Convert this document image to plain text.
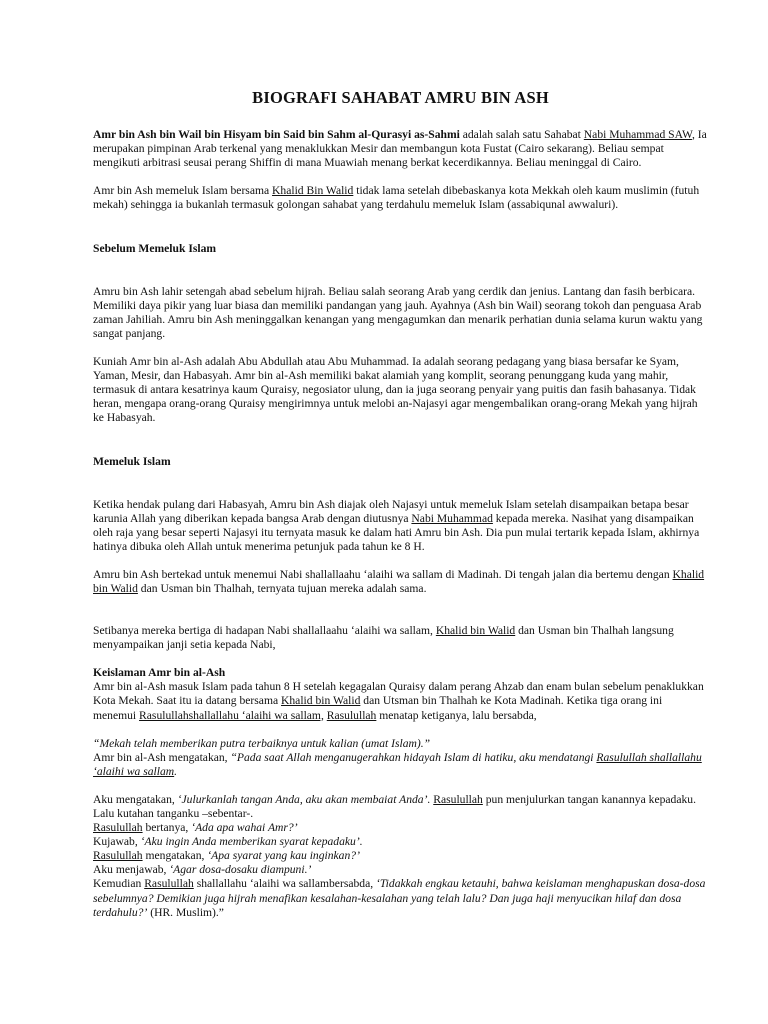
BIOGRAFI SAHABAT AMRU BIN ASH

Amr bin Ash bin Wail bin Hisyam bin Said bin Sahm al-Qurasyi as-Sahmi adalah salah satu Sahabat Nabi Muhammad SAW, Ia merupakan pimpinan Arab terkenal yang menaklukkan Mesir dan membangun kota Fustat (Cairo sekarang). Beliau sempat mengikuti arbitrasi seusai perang Shiffin di mana Muawiah menang berkat kecerdikannya. Beliau meninggal di Cairo.

Amr bin Ash memeluk Islam bersama Khalid Bin Walid tidak lama setelah dibebaskanya kota Mekkah oleh kaum muslimin (futuh mekah) sehingga ia bukanlah termasuk golongan sahabat yang terdahulu memeluk Islam (assabiqunal awwaluri).

Sebelum Memeluk Islam

Amru bin Ash lahir setengah abad sebelum hijrah. Beliau salah seorang Arab yang cerdik dan jenius. Lantang dan fasih berbicara. Memiliki daya pikir yang luar biasa dan memiliki pandangan yang jauh. Ayahnya (Ash bin Wail) seorang tokoh dan penguasa Arab zaman Jahiliah. Amru bin Ash meninggalkan kenangan yang mengagumkan dan menarik perhatian dunia selama kurun waktu yang sangat panjang.

Kuniah Amr bin al-Ash adalah Abu Abdullah atau Abu Muhammad. Ia adalah seorang pedagang yang biasa bersafar ke Syam, Yaman, Mesir, dan Habasyah. Amr bin al-Ash memiliki bakat alamiah yang komplit, seorang penunggang kuda yang mahir, termasuk di antara kesatrinya kaum Quraisy, negosiator ulung, dan ia juga seorang penyair yang puitis dan fasih bahasanya. Tidak heran, mengapa orang-orang Quraisy mengirimnya untuk melobi an-Najasyi agar mengembalikan orang-orang Mekah yang hijrah ke Habasyah.

Memeluk Islam

Ketika hendak pulang dari Habasyah, Amru bin Ash diajak oleh Najasyi untuk memeluk Islam setelah disampaikan betapa besar karunia Allah yang diberikan kepada bangsa Arab dengan diutusnya Nabi Muhammad kepada mereka. Nasihat yang disampaikan oleh raja yang besar seperti Najasyi itu ternyata masuk ke dalam hati Amru bin Ash. Dia pun mulai tertarik kepada Islam, akhirnya hatinya dibuka oleh Allah untuk menerima petunjuk pada tahun ke 8 H.

Amru bin Ash bertekad untuk menemui Nabi shallallaahu ‘alaihi wa sallam di Madinah. Di tengah jalan dia bertemu dengan Khalid bin Walid dan Usman bin Thalhah, ternyata tujuan mereka adalah sama.

Setibanya mereka bertiga di hadapan Nabi shallallaahu ‘alaihi wa sallam, Khalid bin Walid dan Usman bin Thalhah langsung menyampaikan janji setia kepada Nabi,

Keislaman Amr bin al-Ash

Amr bin al-Ash masuk Islam pada tahun 8 H setelah kegagalan Quraisy dalam perang Ahzab dan enam bulan sebelum penaklukkan Kota Mekah. Saat itu ia datang bersama Khalid bin Walid dan Utsman bin Thalhah ke Kota Madinah. Ketika tiga orang ini menemui Rasulullahshallallahu ‘alaihi wa sallam, Rasulullah menatap ketiganya, lalu bersabda,

“Mekah telah memberikan putra terbaiknya untuk kalian (umat Islam).”

Amr bin al-Ash mengatakan, “Pada saat Allah menganugerahkan hidayah Islam di hatiku, aku mendatangi Rasulullah shallallahu ‘alaihi wa sallam.

Aku mengatakan, ‘Julurkanlah tangan Anda, aku akan membaiat Anda’. Rasulullah pun menjulurkan tangan kanannya kepadaku. Lalu kutahan tanganku –sebentar-.

Rasulullah bertanya, ‘Ada apa wahai Amr?’

Kujawab, ‘Aku ingin Anda memberikan syarat kepadaku’.

Rasulullah mengatakan, ‘Apa syarat yang kau inginkan?’

Aku menjawab, ‘Agar dosa-dosaku diampuni.’

Kemudian Rasulullah shallallahu ‘alaihi wa sallambersabda, ‘Tidakkah engkau ketauhi, bahwa keislaman menghapuskan dosa-dosa sebelumnya? Demikian juga hijrah menafikan kesalahan-kesalahan yang telah lalu? Dan juga haji menyucikan hilaf dan dosa terdahulu?’ (HR. Muslim).”
